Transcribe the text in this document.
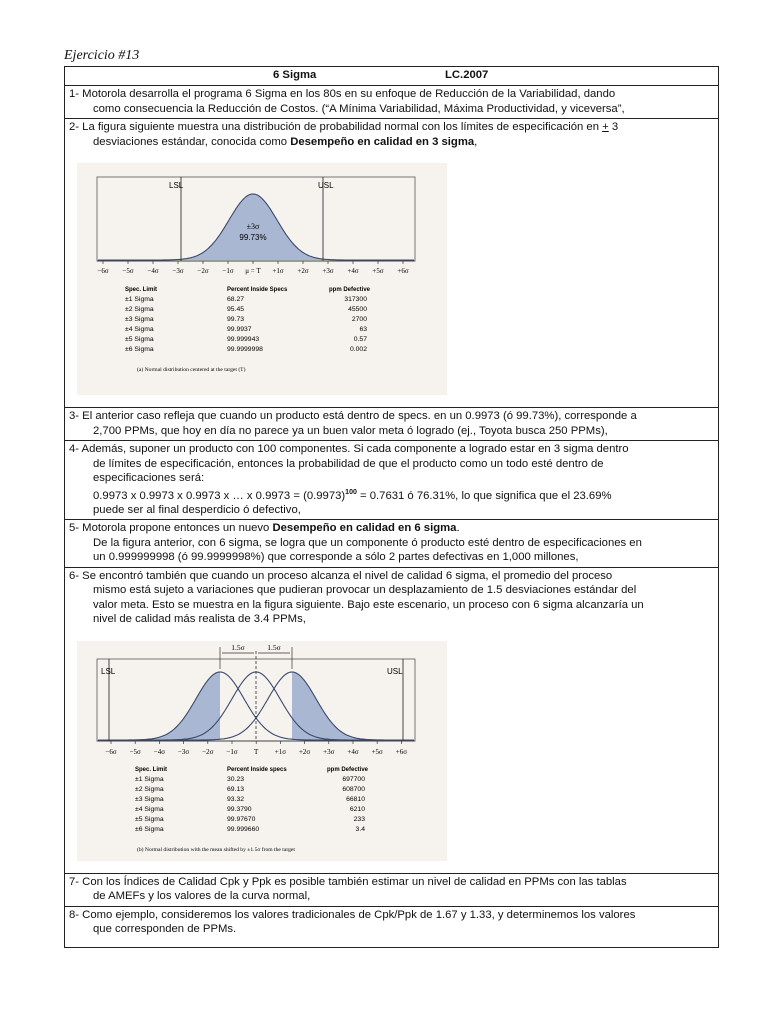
Ejercicio #13
6 Sigma	LC.2007

1- Motorola desarrolla el programa 6 Sigma en los 80s en su enfoque de Reducción de la Variabilidad, dando
como consecuencia la Reducción de Costos. (“A Mínima Variabilidad, Máxima Productividad, y viceversa”,

2- La figura siguiente muestra una distribución de probabilidad normal con los límites de especificación en + 3
desviaciones estándar, conocida como Desempeño en calidad en 3 sigma,
LSL	USL
±3σ
99.73%
−6σ −5σ −4σ −3σ −2σ −1σ μ = T +1σ +2σ +3σ +4σ +5σ +6σ
Spec. Limit	Percent Inside Specs	ppm Defective
±1 Sigma	68.27	317300
±2 Sigma	95.45	45500
±3 Sigma	99.73	2700
±4 Sigma	99.9937	63
±5 Sigma	99.999943	0.57
±6 Sigma	99.9999998	0.002
(a) Normal distribution centered at the target (T)

3- El anterior caso refleja que cuando un producto está dentro de specs. en un 0.9973 (ó 99.73%), corresponde a
2,700 PPMs, que hoy en día no parece ya un buen valor meta ó logrado (ej., Toyota busca 250 PPMs),

4- Además, suponer un producto con 100 componentes. Si cada componente a logrado estar en 3 sigma dentro
de límites de especificación, entonces la probabilidad de que el producto como un todo esté dentro de
especificaciones será:
0.9973 x 0.9973 x 0.9973 x … x $0.9973 = (0.9973)^{100} = 0.7631$ ó 76.31%, lo que significa que el 23.69%
puede ser al final desperdicio ó defectivo,

5- Motorola propone entonces un nuevo Desempeño en calidad en 6 sigma.
De la figura anterior, con 6 sigma, se logra que un componente ó producto esté dentro de especificaciones en
un 0.999999998 (ó 99.9999998%) que corresponde a sólo 2 partes defectivas en 1,000 millones,

6- Se encontró también que cuando un proceso alcanza el nivel de calidad 6 sigma, el promedio del proceso
mismo está sujeto a variaciones que pudieran provocar un desplazamiento de 1.5 desviaciones estándar del
valor meta. Esto se muestra en la figura siguiente. Bajo este escenario, un proceso con 6 sigma alcanzaría un
nivel de calidad más realista de 3.4 PPMs,
1.5σ	1.5σ
LSL	USL
−6σ −5σ −4σ −3σ −2σ −1σ T +1σ +2σ +3σ +4σ +5σ +6σ
Spec. Limit	Percent Inside specs	ppm Defective
±1 Sigma	30.23	697700
±2 Sigma	69.13	608700
±3 Sigma	93.32	66810
±4 Sigma	99.3790	6210
±5 Sigma	99.97670	233
±6 Sigma	99.999660	3.4
(b) Normal distribution with the mean shifted by ±1.5σ from the target

7- Con los Índices de Calidad Cpk y Ppk es posible también estimar un nivel de calidad en PPMs con las tablas
de AMEFs y los valores de la curva normal,

8- Como ejemplo, consideremos los valores tradicionales de Cpk/Ppk de 1.67 y 1.33, y determinemos los valores
que corresponden de PPMs.
